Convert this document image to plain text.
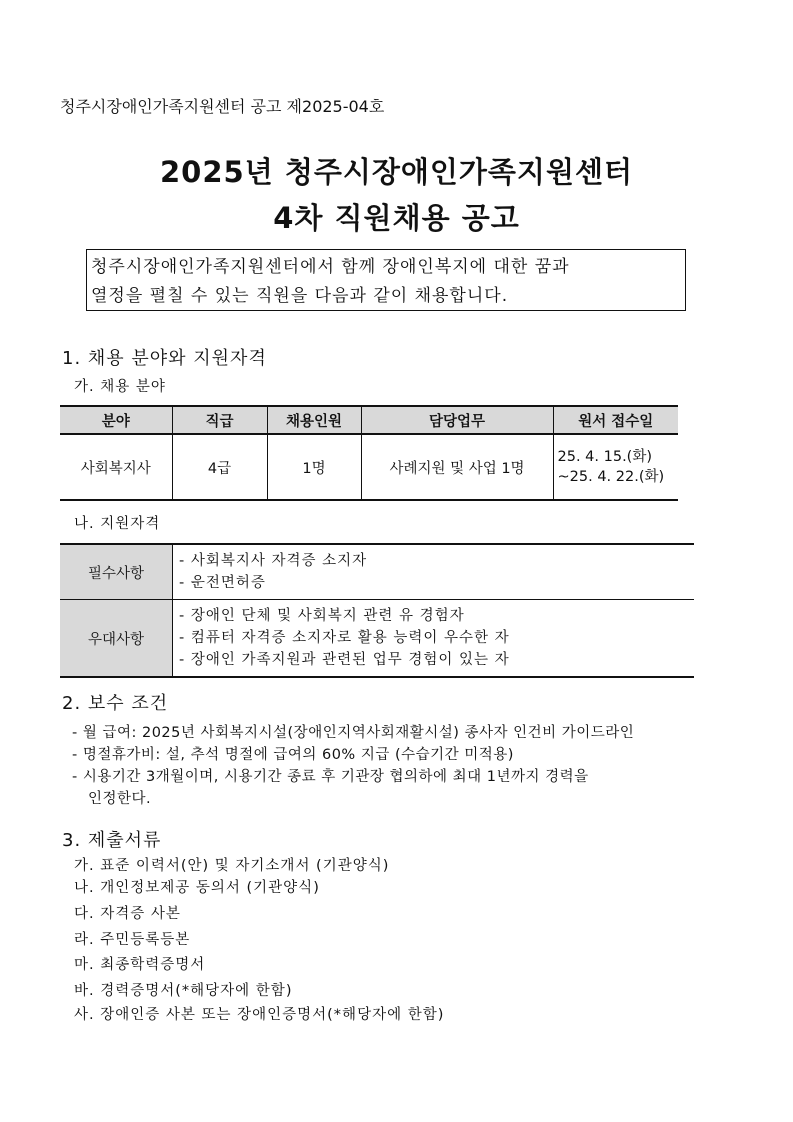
청주시장애인가족지원센터 공고 제2025-04호
2025년 청주시장애인가족지원센터
4차 직원채용 공고
청주시장애인가족지원센터에서 함께 장애인복지에 대한 꿈과
열정을 펼칠 수 있는 직원을 다음과 같이 채용합니다.
1. 채용 분야와 지원자격
가. 채용 분야
분야	직급	채용인원	담당업무	원서 접수일
사회복지사	4급	1명	사례지원 및 사업 1명	25. 4. 15.(화)
~25. 4. 22.(화)
나. 지원자격
필수사항	- 사회복지사 자격증 소지자
- 운전면허증

우대사항	- 장애인 단체 및 사회복지 관련 유 경험자
- 컴퓨터 자격증 소지자로 활용 능력이 우수한 자
- 장애인 가족지원과 관련된 업무 경험이 있는 자
2. 보수 조건
- 월 급여: 2025년 사회복지시설(장애인지역사회재활시설) 종사자 인건비 가이드라인
- 명절휴가비: 설, 추석 명절에 급여의 60% 지급 (수습기간 미적용)
- 시용기간 3개월이며, 시용기간 종료 후 기관장 협의하에 최대 1년까지 경력을
인정한다.
3. 제출서류
가. 표준 이력서(안) 및 자기소개서 (기관양식)
나. 개인정보제공 동의서 (기관양식)
다. 자격증 사본
라. 주민등록등본
마. 최종학력증명서
바. 경력증명서(*해당자에 한함)
사. 장애인증 사본 또는 장애인증명서(*해당자에 한함)
